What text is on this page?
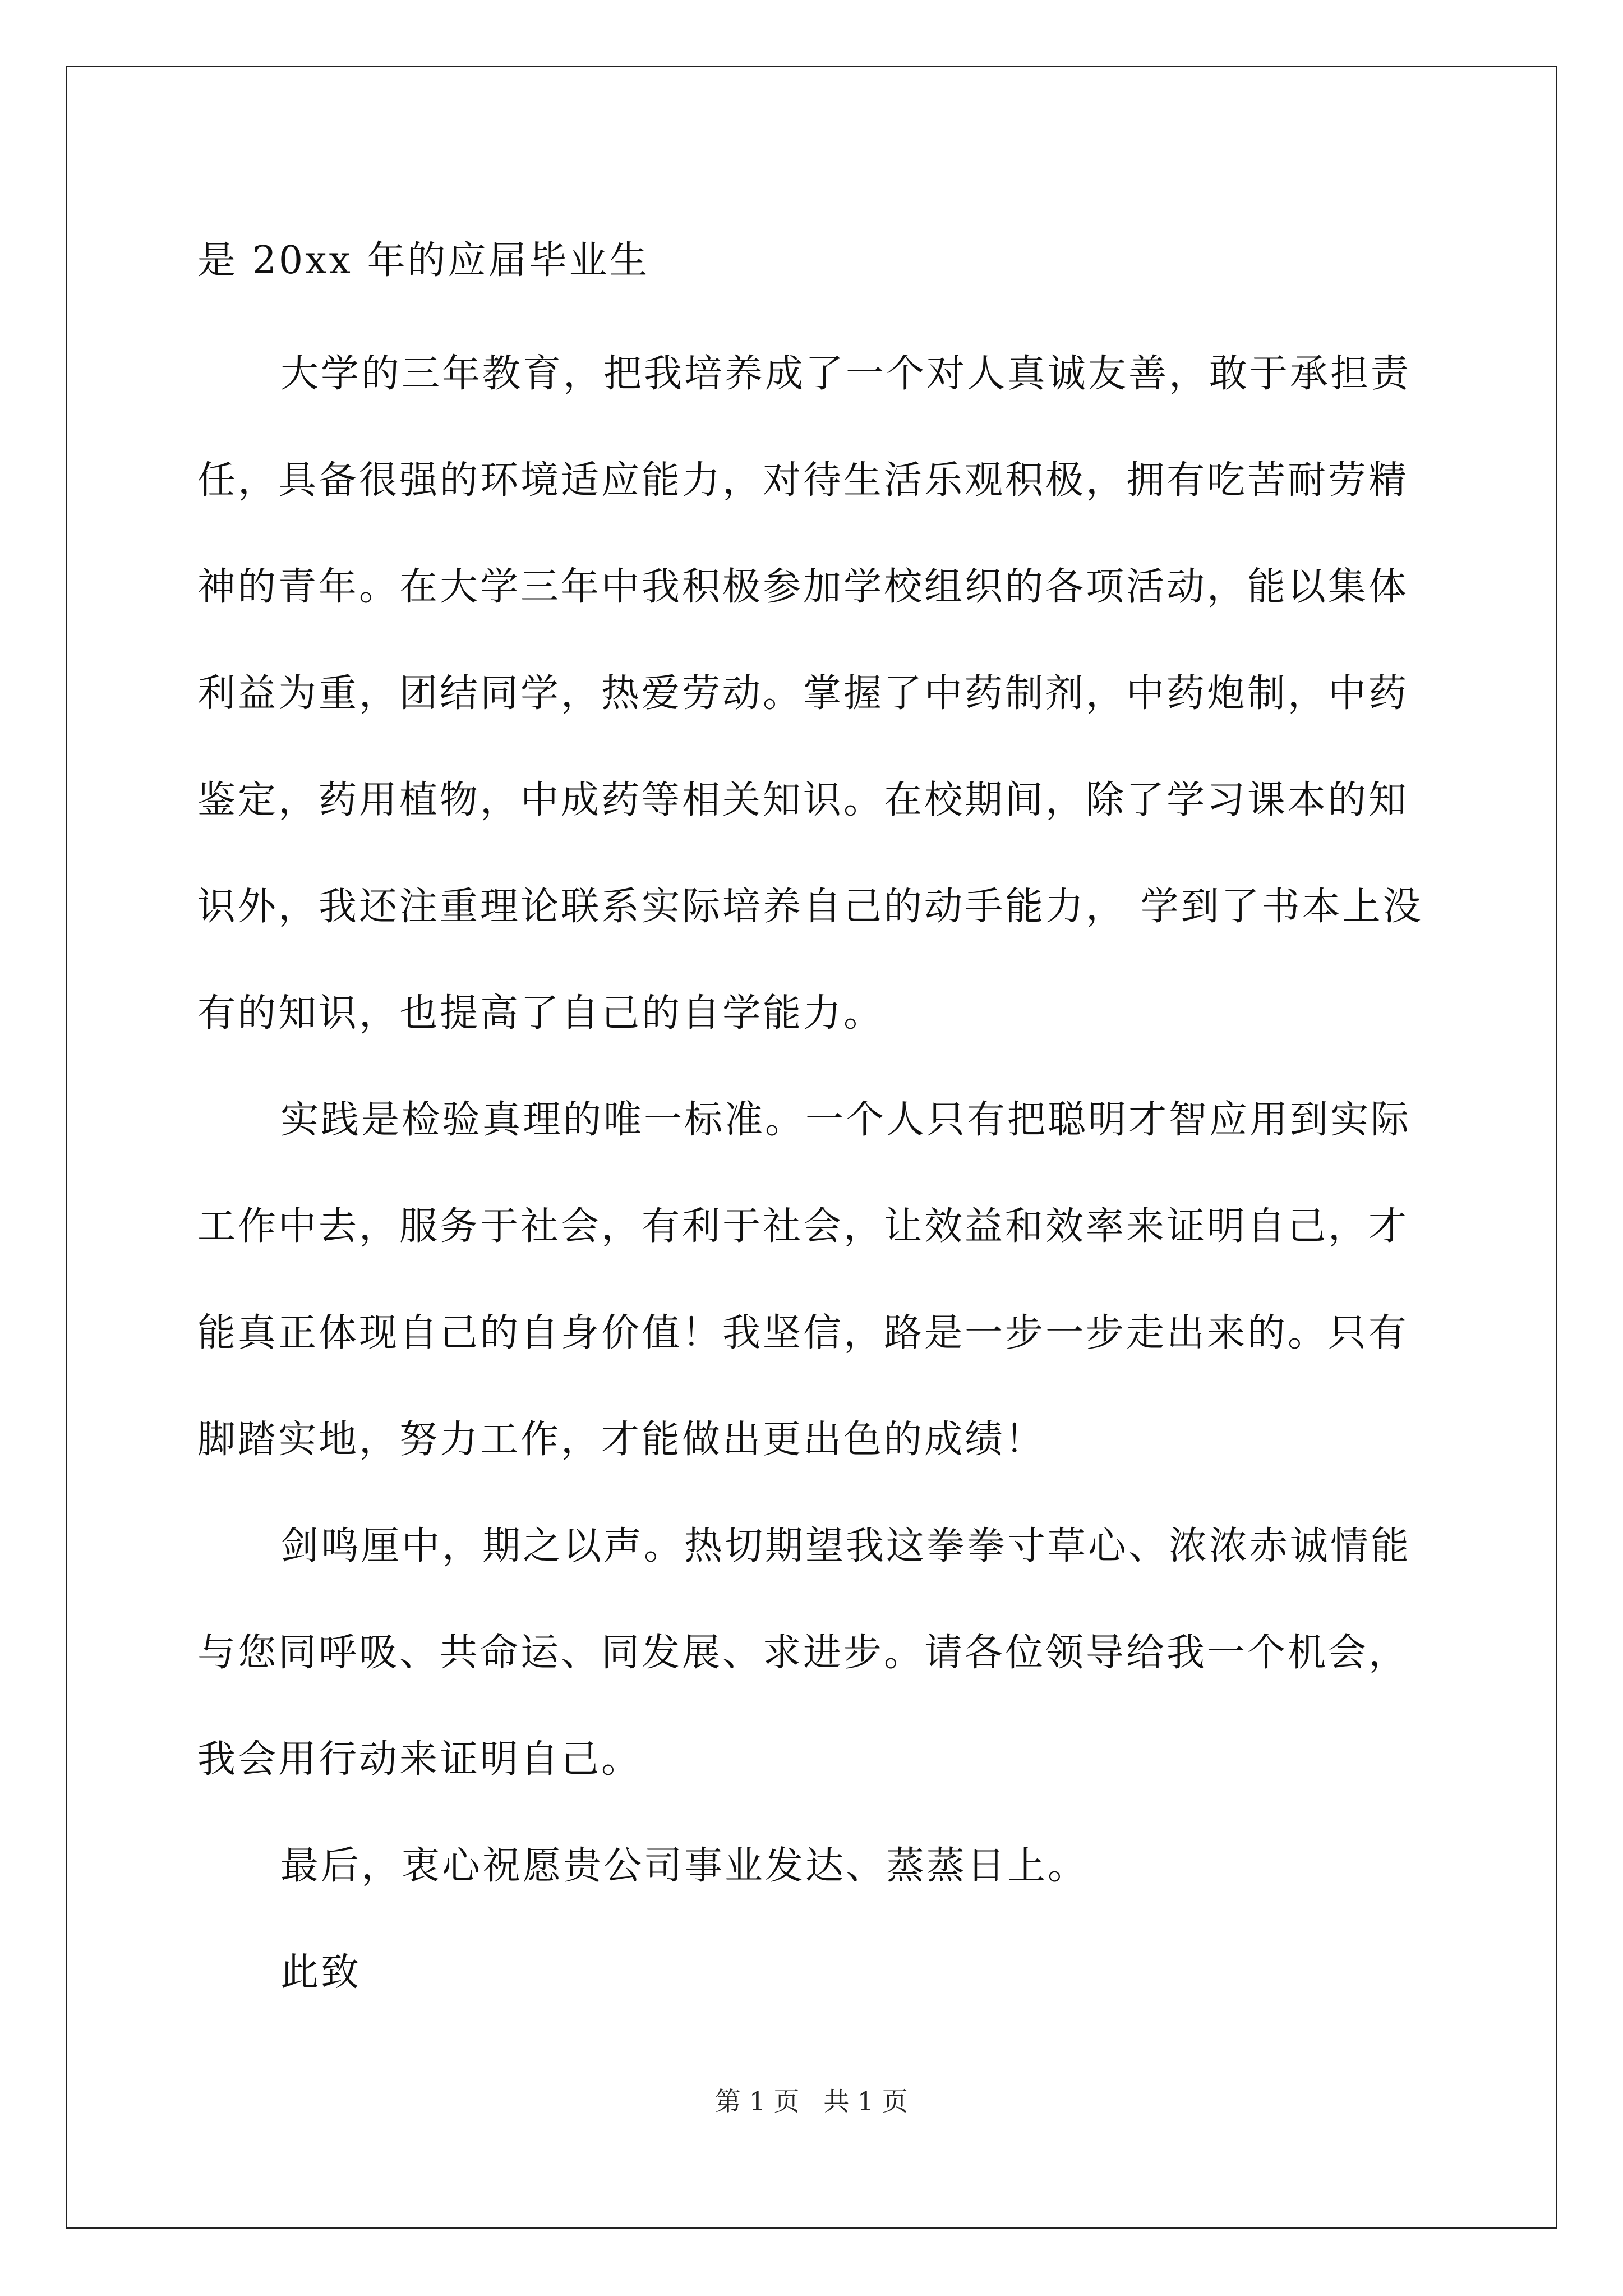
是 20xx 年的应届毕业生
大学的三年教育，把我培养成了一个对人真诚友善，敢于承担责
任，具备很强的环境适应能力，对待生活乐观积极，拥有吃苦耐劳精
神的青年。在大学三年中我积极参加学校组织的各项活动，能以集体
利益为重，团结同学，热爱劳动。掌握了中药制剂，中药炮制，中药
鉴定，药用植物，中成药等相关知识。在校期间，除了学习课本的知
识外，我还注重理论联系实际培养自己的动手能力， 学到了书本上没
有的知识，也提高了自己的自学能力。
实践是检验真理的唯一标准。一个人只有把聪明才智应用到实际
工作中去，服务于社会，有利于社会，让效益和效率来证明自己，才
能真正体现自己的自身价值！我坚信，路是一步一步走出来的。只有
脚踏实地，努力工作，才能做出更出色的成绩！
剑鸣厘中，期之以声。热切期望我这拳拳寸草心、浓浓赤诚情能
与您同呼吸、共命运、同发展、求进步。请各位领导给我一个机会，
我会用行动来证明自己。
最后，衷心祝愿贵公司事业发达、蒸蒸日上。
此致
第 1 页 共 1 页
